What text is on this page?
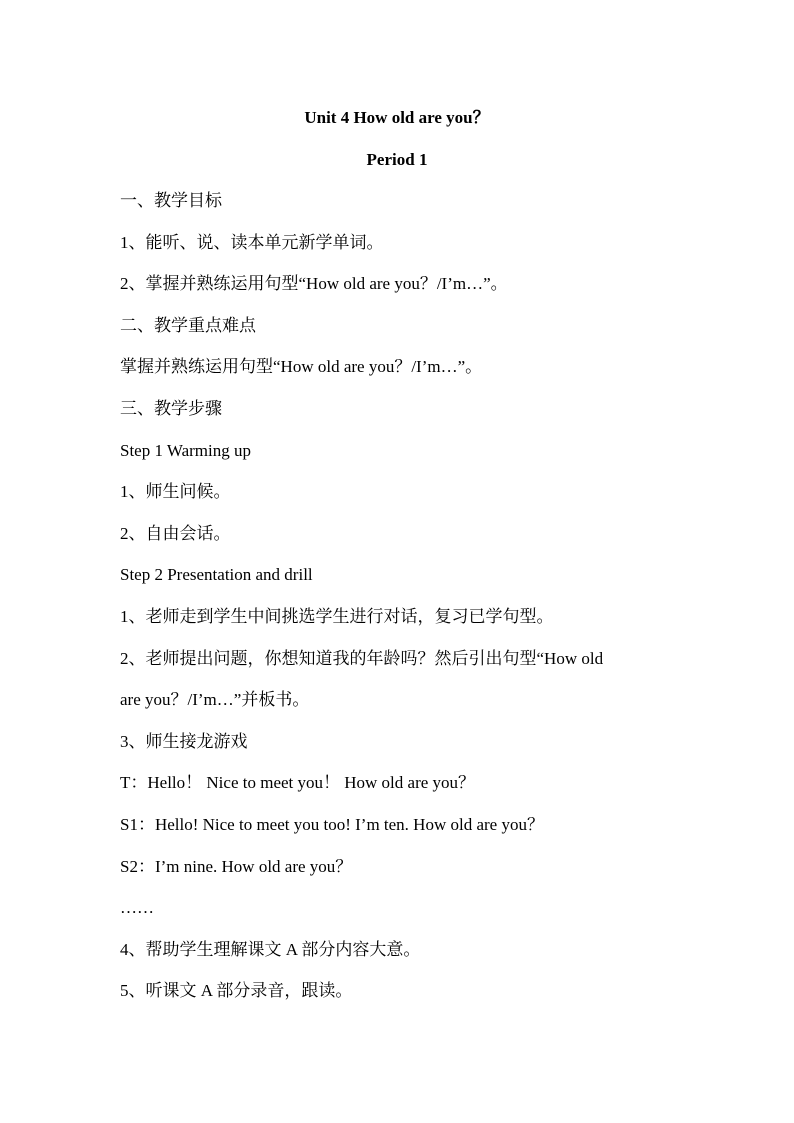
Unit 4 How old are you？
Period 1
一、教学目标
1、能听、说、读本单元新学单词。
2、掌握并熟练运用句型“How old are you？/I’m…”。
二、教学重点难点
掌握并熟练运用句型“How old are you？/I’m…”。
三、教学步骤
Step 1 Warming up
1、师生问候。
2、自由会话。
Step 2 Presentation and drill
1、老师走到学生中间挑选学生进行对话，复习已学句型。
2、老师提出问题，你想知道我的年龄吗？然后引出句型“How old
are you？/I’m…”并板书。
3、师生接龙游戏
T：Hello！ Nice to meet you！ How old are you？
S1：Hello! Nice to meet you too! I’m ten. How old are you？
S2：I’m nine. How old are you？
……
4、帮助学生理解课文 A 部分内容大意。
5、听课文 A 部分录音，跟读。
